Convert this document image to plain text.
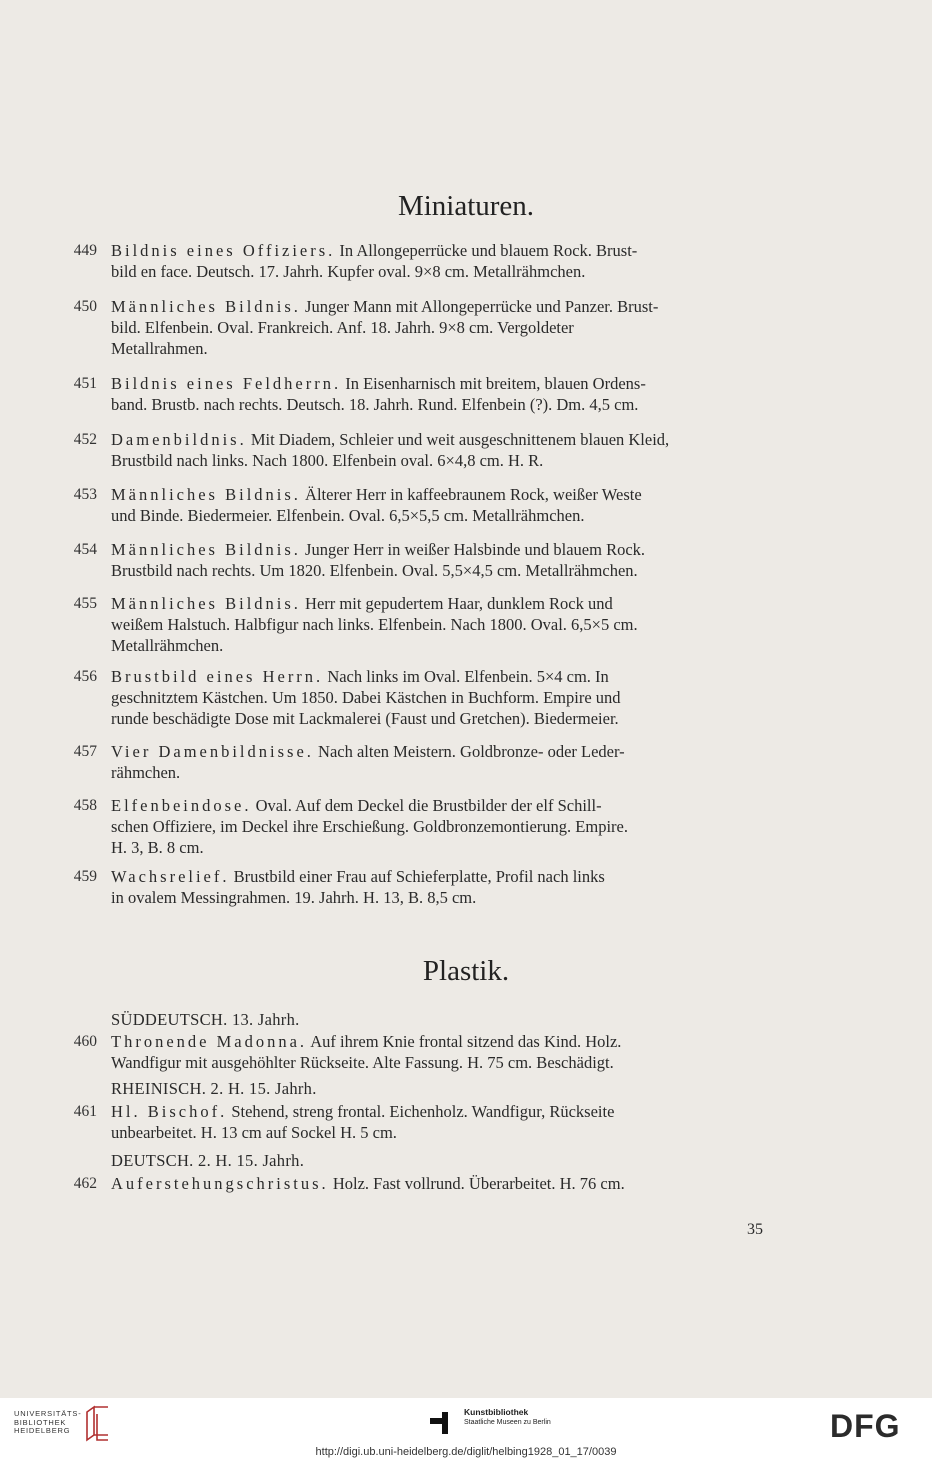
Miniaturen.
449 Bildnis eines Offiziers. In Allongeperrücke und blauem Rock. Brust-
bild en face. Deutsch. 17. Jahrh. Kupfer oval. 9×8 cm. Metallrähmchen.
450 Männliches Bildnis. Junger Mann mit Allongeperrücke und Panzer. Brust-
bild. Elfenbein. Oval. Frankreich. Anf. 18. Jahrh. 9×8 cm. Vergoldeter
Metallrahmen.
451 Bildnis eines Feldherrn. In Eisenharnisch mit breitem, blauen Ordens-
band. Brustb. nach rechts. Deutsch. 18. Jahrh. Rund. Elfenbein (?). Dm. 4,5 cm.
452 Damenbildnis. Mit Diadem, Schleier und weit ausgeschnittenem blauen Kleid,
Brustbild nach links. Nach 1800. Elfenbein oval. 6×4,8 cm. H. R.
453 Männliches Bildnis. Älterer Herr in kaffeebraunem Rock, weißer Weste
und Binde. Biedermeier. Elfenbein. Oval. 6,5×5,5 cm. Metallrähmchen.
454 Männliches Bildnis. Junger Herr in weißer Halsbinde und blauem Rock.
Brustbild nach rechts. Um 1820. Elfenbein. Oval. 5,5×4,5 cm. Metallrähmchen.
455 Männliches Bildnis. Herr mit gepudertem Haar, dunklem Rock und
weißem Halstuch. Halbfigur nach links. Elfenbein. Nach 1800. Oval. 6,5×5 cm.
Metallrähmchen.
456 Brustbild eines Herrn. Nach links im Oval. Elfenbein. 5×4 cm. In
geschnitztem Kästchen. Um 1850. Dabei Kästchen in Buchform. Empire und
runde beschädigte Dose mit Lackmalerei (Faust und Gretchen). Biedermeier.
457 Vier Damenbildnisse. Nach alten Meistern. Goldbronze- oder Leder-
rähmchen.
458 Elfenbeindose. Oval. Auf dem Deckel die Brustbilder der elf Schill-
schen Offiziere, im Deckel ihre Erschießung. Goldbronzemontierung. Empire.
H. 3, B. 8 cm.
459 Wachsrelief. Brustbild einer Frau auf Schieferplatte, Profil nach links
in ovalem Messingrahmen. 19. Jahrh. H. 13, B. 8,5 cm.
Plastik.
SÜDDEUTSCH. 13. Jahrh.
460 Thronende Madonna. Auf ihrem Knie frontal sitzend das Kind. Holz.
Wandfigur mit ausgehöhlter Rückseite. Alte Fassung. H. 75 cm. Beschädigt.
RHEINISCH. 2. H. 15. Jahrh.
461 Hl. Bischof. Stehend, streng frontal. Eichenholz. Wandfigur, Rückseite
unbearbeitet. H. 13 cm auf Sockel H. 5 cm.
DEUTSCH. 2. H. 15. Jahrh.
462 Auferstehungschristus. Holz. Fast vollrund. Überarbeitet. H. 76 cm.
35
UNIVERSITÄTS-
BIBLIOTHEK
HEIDELBERG
Kunstbibliothek
Staatliche Museen zu Berlin	DFG
http://digi.ub.uni-heidelberg.de/diglit/helbing1928_01_17/0039
